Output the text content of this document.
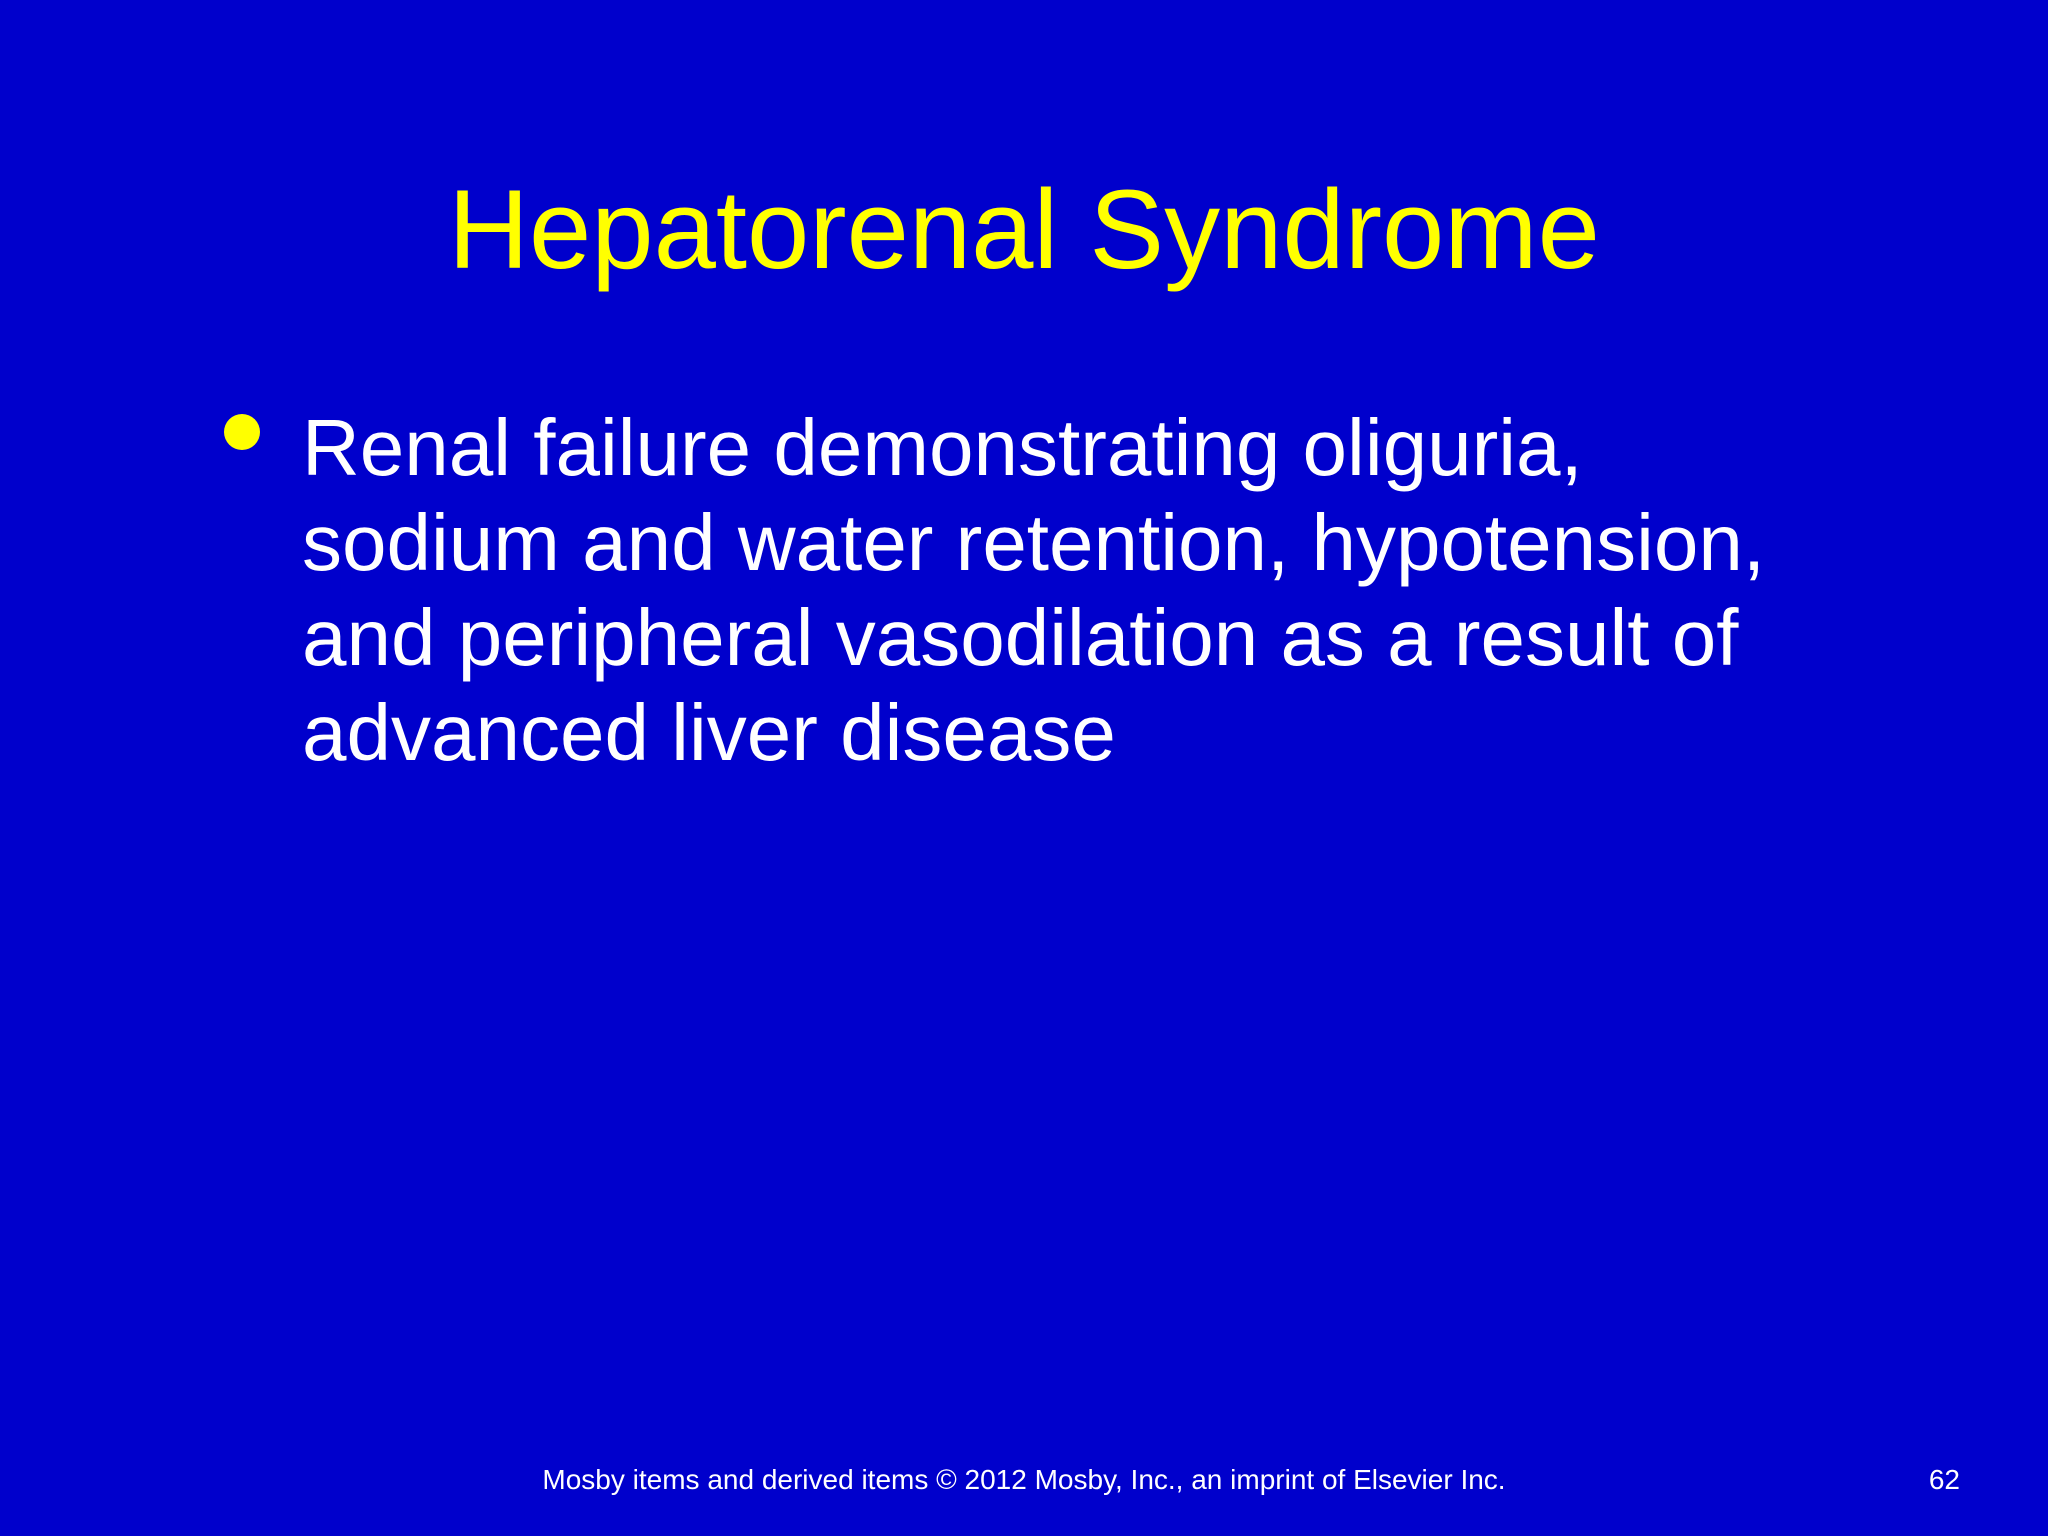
Hepatorenal Syndrome
Renal failure demonstrating oliguria, sodium and water retention, hypotension, and peripheral vasodilation as a result of advanced liver disease
Mosby items and derived items © 2012 Mosby, Inc., an imprint of Elsevier Inc.	62
